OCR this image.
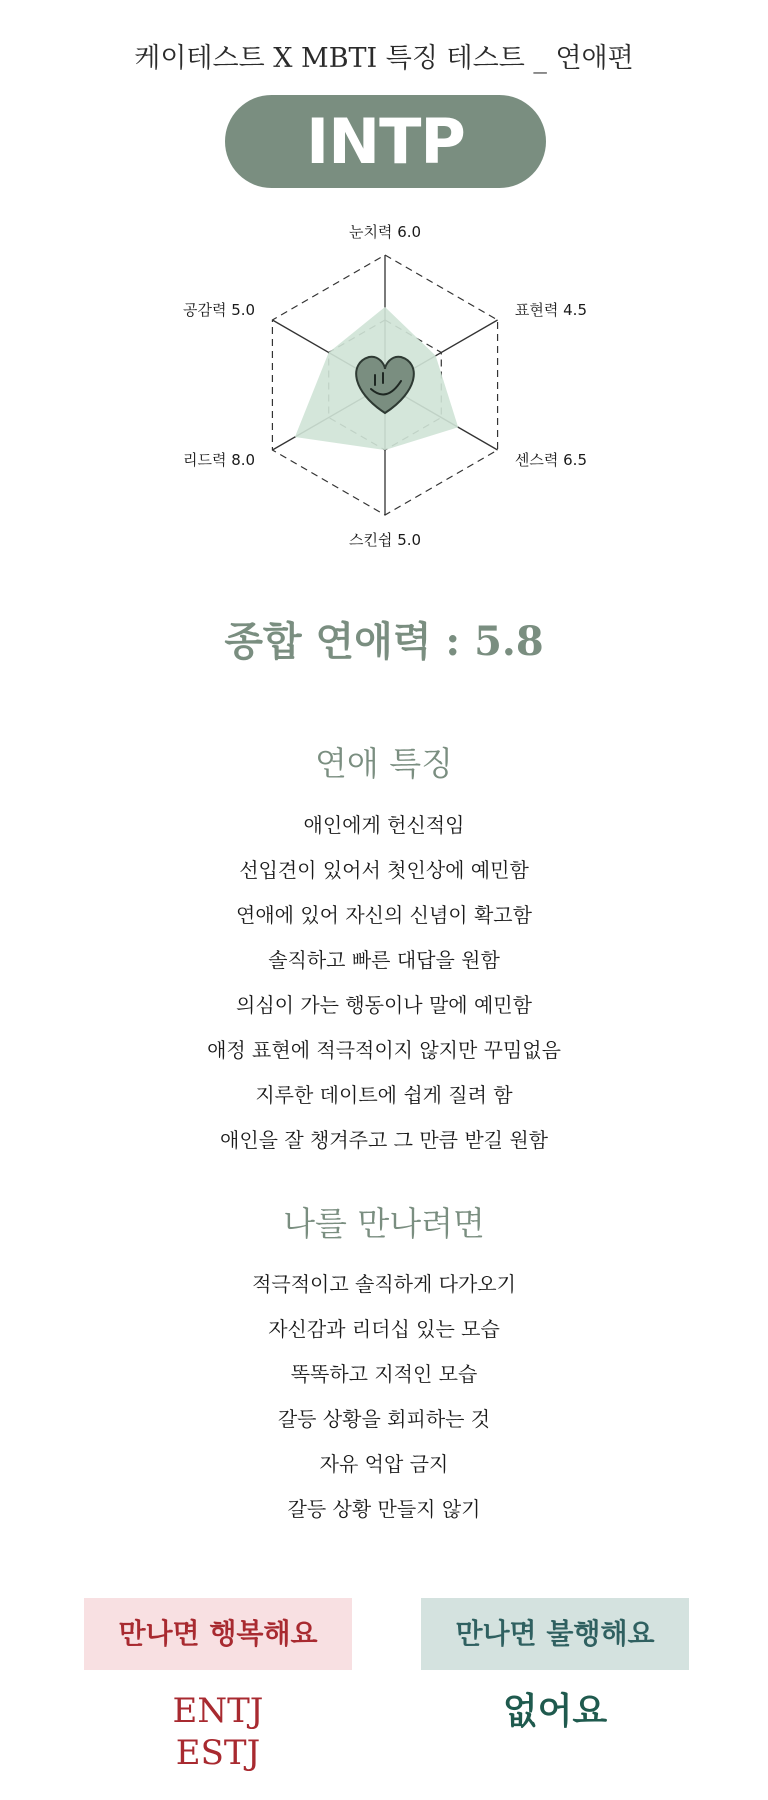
케이테스트 X MBTI 특징 테스트 _ 연애편
INTP
눈치력 6.0
표현력 4.5
센스력 6.5
스킨쉽 5.0
리드력 8.0
공감력 5.0
종합 연애력 : 5.8
연애 특징
애인에게 헌신적임
선입견이 있어서 첫인상에 예민함
연애에 있어 자신의 신념이 확고함
솔직하고 빠른 대답을 원함
의심이 가는 행동이나 말에 예민함
애정 표현에 적극적이지 않지만 꾸밈없음
지루한 데이트에 쉽게 질려 함
애인을 잘 챙겨주고 그 만큼 받길 원함
나를 만나려면
적극적이고 솔직하게 다가오기
자신감과 리더십 있는 모습
똑똑하고 지적인 모습
갈등 상황을 회피하는 것
자유 억압 금지
갈등 상황 만들지 않기
만나면 행복해요	만나면 불행해요
ENTJ
ESTJ
없어요
